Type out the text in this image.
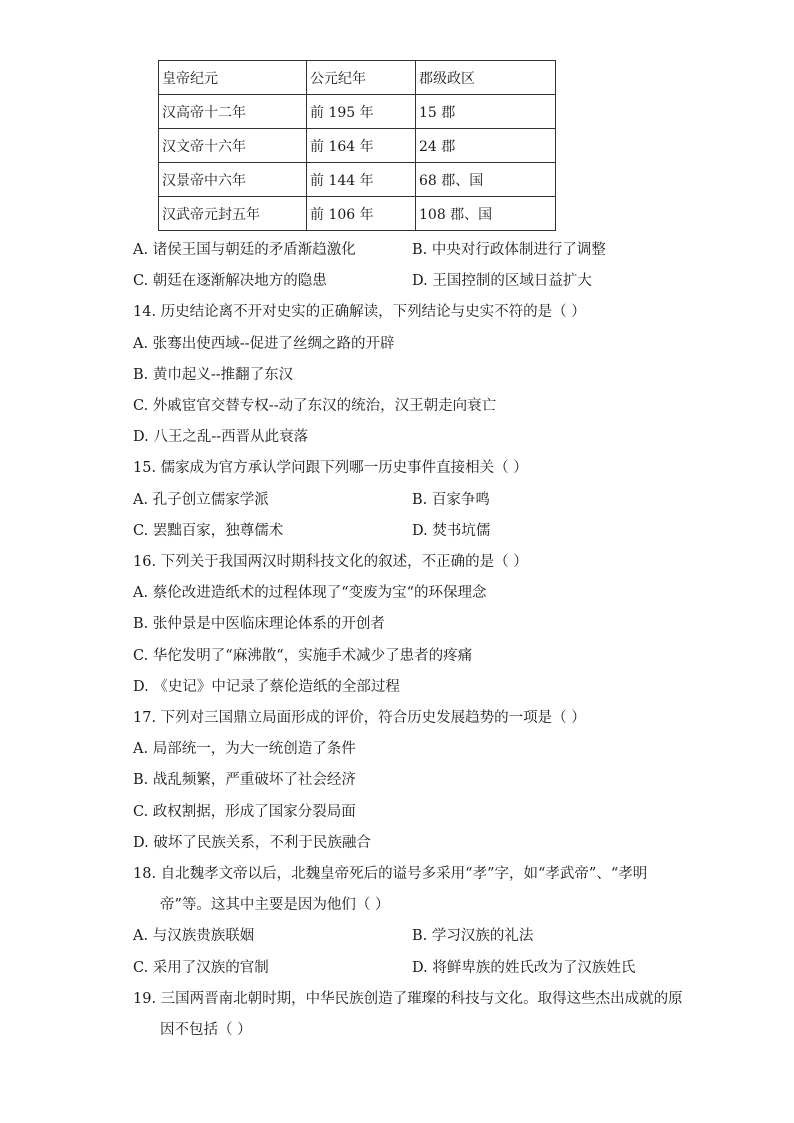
皇帝纪元	公元纪年	郡级政区
汉高帝十二年	前 195 年	15 郡
汉文帝十六年	前 164 年	24 郡
汉景帝中六年	前 144 年	68 郡、国
汉武帝元封五年	前 106 年	108 郡、国
A. 诸侯王国与朝廷的矛盾渐趋激化	B. 中央对行政体制进行了调整
C. 朝廷在逐渐解决地方的隐患	D. 王国控制的区域日益扩大
14. 历史结论离不开对史实的正确解读，下列结论与史实不符的是（ ）
A. 张骞出使西域--促进了丝绸之路的开辟
B. 黄巾起义--推翻了东汉
C. 外戚宦官交替专权--动了东汉的统治，汉王朝走向衰亡
D. 八王之乱--西晋从此衰落
15. 儒家成为官方承认学问跟下列哪一历史事件直接相关（ ）
A. 孔子创立儒家学派	B. 百家争鸣
C. 罢黜百家，独尊儒术	D. 焚书坑儒
16. 下列关于我国两汉时期科技文化的叙述，不正确的是（ ）
A. 蔡伦改进造纸术的过程体现了“变废为宝“的环保理念
B. 张仲景是中医临床理论体系的开创者
C. 华佗发明了“麻沸散“，实施手术减少了患者的疼痛
D. 《史记》中记录了蔡伦造纸的全部过程
17. 下列对三国鼎立局面形成的评价，符合历史发展趋势的一项是（ ）
A. 局部统一，为大一统创造了条件
B. 战乱频繁，严重破坏了社会经济
C. 政权割据，形成了国家分裂局面
D. 破坏了民族关系，不利于民族融合
18. 自北魏孝文帝以后，北魏皇帝死后的谥号多采用“孝”字，如“孝武帝”、“孝明
帝”等。这其中主要是因为他们（ ）
A. 与汉族贵族联姻	B. 学习汉族的礼法
C. 采用了汉族的官制	D. 将鲜卑族的姓氏改为了汉族姓氏
19. 三国两晋南北朝时期，中华民族创造了璀璨的科技与文化。取得这些杰出成就的原
因不包括（ ）
